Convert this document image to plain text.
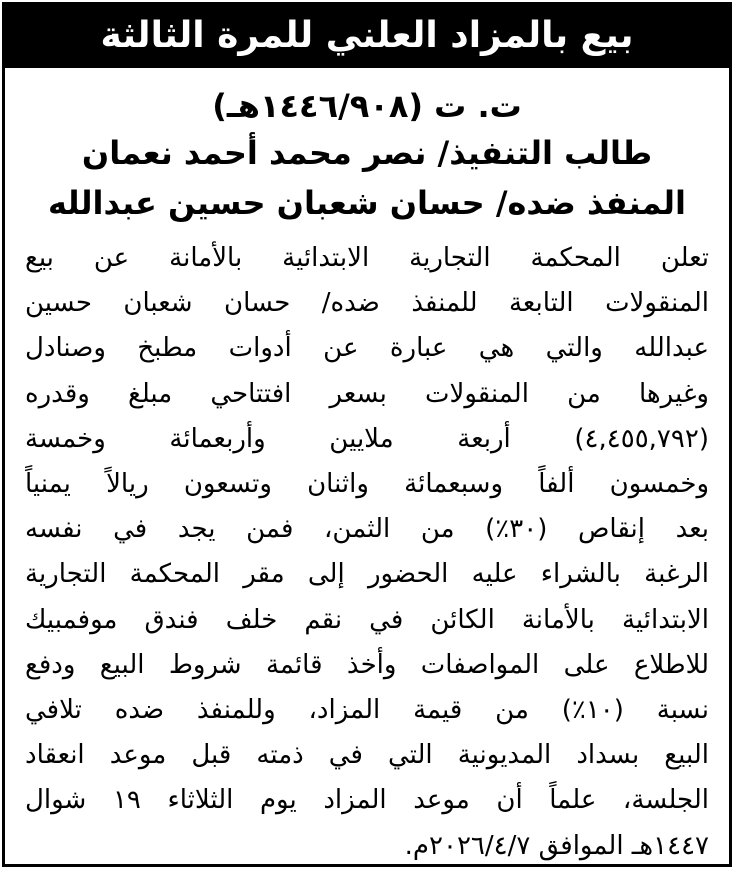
بيع بالمزاد العلني للمرة الثالثة
ت. ت (١٤٤٦/٩٠٨هـ)
طالب التنفيذ/ نصر محمد أحمد نعمان
المنفذ ضده/ حسان شعبان حسين عبدالله
تعلن المحكمة التجارية الابتدائية بالأمانة عن بيع
المنقولات التابعة للمنفذ ضده/ حسان شعبان حسين
عبدالله والتي هي عبارة عن أدوات مطبخ وصنادل
وغيرها من المنقولات بسعر افتتاحي مبلغ وقدره
(٤,٤٥٥,٧٩٢) أربعة ملايين وأربعمائة وخمسة
وخمسون ألفاً وسبعمائة واثنان وتسعون ريالاً يمنياً
بعد إنقاص (٣٠٪) من الثمن، فمن يجد في نفسه
الرغبة بالشراء عليه الحضور إلى مقر المحكمة التجارية
الابتدائية بالأمانة الكائن في نقم خلف فندق موفمبيك
للاطلاع على المواصفات وأخذ قائمة شروط البيع ودفع
نسبة (١٠٪) من قيمة المزاد، وللمنفذ ضده تلافي
البيع بسداد المديونية التي في ذمته قبل موعد انعقاد
الجلسة، علماً أن موعد المزاد يوم الثلاثاء ١٩ شوال
١٤٤٧هـ الموافق ٢٠٢٦/٤/٧م.
